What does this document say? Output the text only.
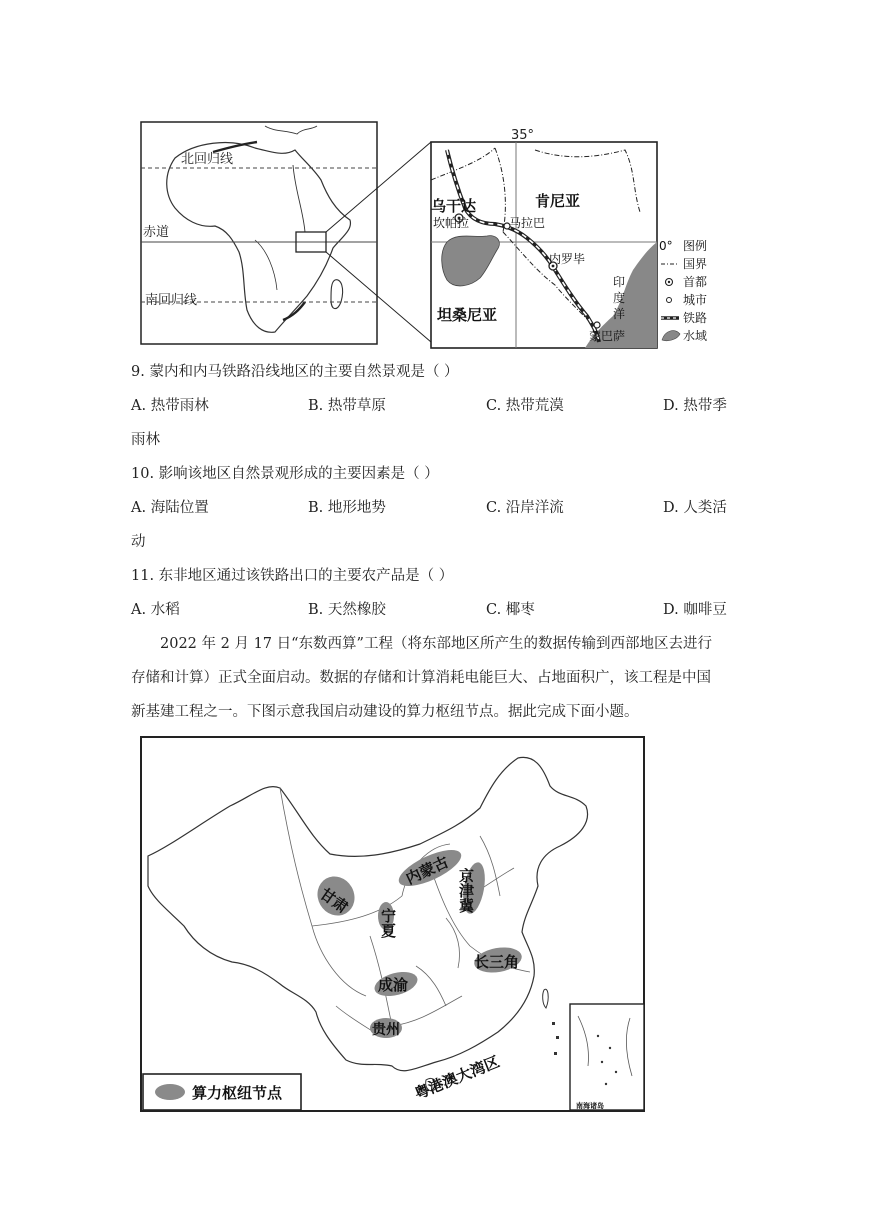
北回归线
赤道
南回归线
35°
乌干达	肯尼亚
坦桑尼亚
坎帕拉	马拉巴
内罗毕
蒙巴萨
印
度
洋
0° 图例
国界
首都
城市
铁路
水域
9. 蒙内和内马铁路沿线地区的主要自然景观是（ ）
A. 热带雨林	B. 热带草原	C. 热带荒漠	D. 热带季
雨林
10. 影响该地区自然景观形成的主要因素是（ ）
A. 海陆位置	B. 地形地势	C. 沿岸洋流	D. 人类活
动
11. 东非地区通过该铁路出口的主要农产品是（ ）
A. 水稻	B. 天然橡胶	C. 椰枣	D. 咖啡豆
2022 年 2 月 17 日“东数西算”工程（将东部地区所产生的数据传输到西部地区去进行
存储和计算）正式全面启动。数据的存储和计算消耗电能巨大、占地面积广，该工程是中国
新基建工程之一。下图示意我国启动建设的算力枢纽节点。据此完成下面小题。
甘肃
内蒙古 京津冀
宁夏
长三角
成渝
贵州
粤港澳大湾区
算力枢纽节点
南海诸岛
